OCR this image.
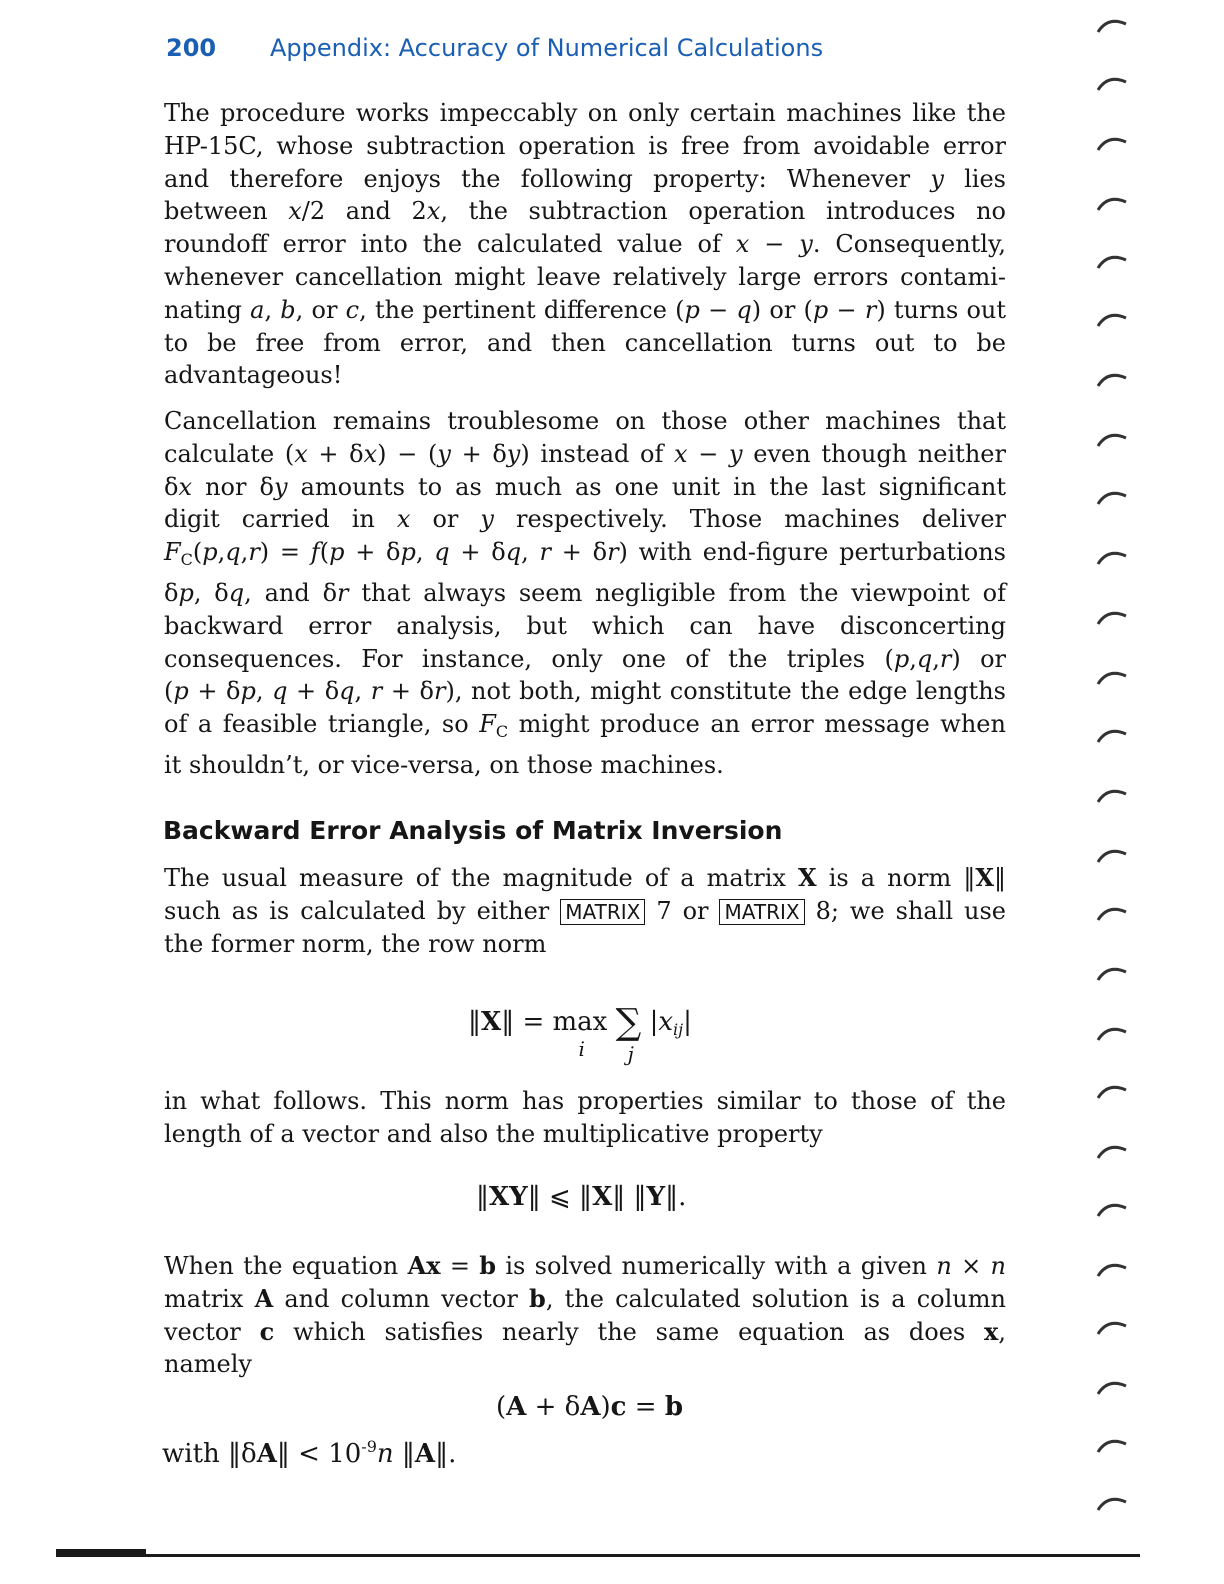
200 Appendix: Accuracy of Numerical Calculations
The procedure works impeccably on only certain machines like the
HP-15C, whose subtraction operation is free from avoidable error
and therefore enjoys the following property: Whenever y lies
between x/2 and 2x, the subtraction operation introduces no
roundoff error into the calculated value of x − y. Consequently,
whenever cancellation might leave relatively large errors contami-
nating a, b, or c, the pertinent difference (p − q) or (p − r) turns out
to be free from error, and then cancellation turns out to be
advantageous!
Cancellation remains troublesome on those other machines that
calculate (x + δx) − (y + δy) instead of x − y even though neither
δx nor δy amounts to as much as one unit in the last significant
digit carried in x or y respectively. Those machines deliver
$F_C(p,q,r) = f(p + \delta p$, q + δq, r + δr) with end-figure perturbations
δp, δq, and δr that always seem negligible from the viewpoint of
backward error analysis, but which can have disconcerting
consequences. For instance, only one of the triples (p,q,r) or
(p + δp, q + δq, r + δr), not both, might constitute the edge lengths
of a feasible triangle, so $F_C$ might produce an error message when
it shouldn’t, or vice-versa, on those machines.
Backward Error Analysis of Matrix Inversion
The usual measure of the magnitude of a matrix X is a norm ‖X‖
such as is calculated by either MATRIX 7 or MATRIX 8; we shall use
the former norm, the row norm
‖X‖ = max
i
∑
j
$|x_{ij}|$
in what follows. This norm has properties similar to those of the
length of a vector and also the multiplicative property
‖XY‖ ⩽ ‖X‖ ‖Y‖.
When the equation Ax = b is solved numerically with a given n × n
matrix A and column vector b, the calculated solution is a column
vector c which satisfies nearly the same equation as does x,
namely
(A + δA)c = b
with ‖δA‖ < $10^{-9}n$ ‖A‖.
